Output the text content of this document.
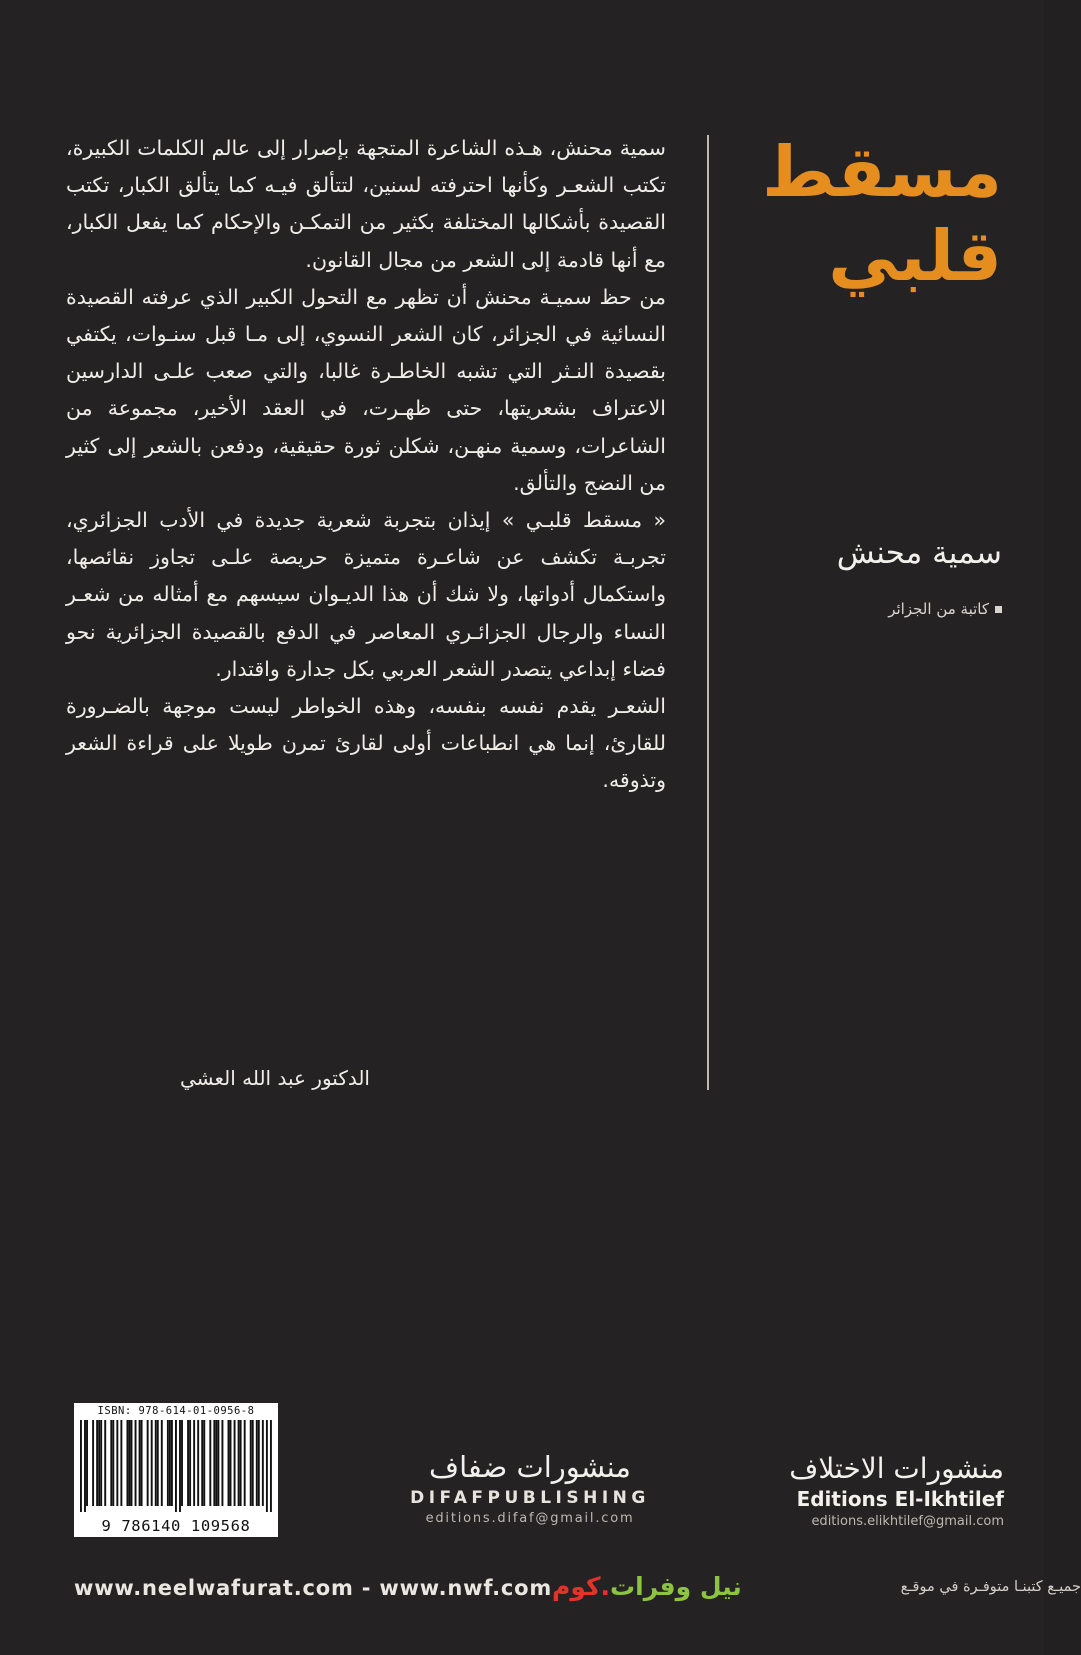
مسقط
قلبي
سمية محنش
كاتبة من الجزائر

سمية محنش، هـذه الشاعرة المتجهة بإصرار إلى عالم الكلمات الكبيرة، تكتب الشعـر وكأنها احترفته لسنين، لتتألق فيـه كما يتألق الكبار، تكتب القصيدة بأشكالها المختلفة بكثير من التمكـن والإحكام كما يفعل الكبار، مع أنها قادمة إلى الشعر من مجال القانون.

من حظ سميـة محنش أن تظهر مع التحول الكبير الذي عرفته القصيدة النسائية في الجزائر، كان الشعر النسوي، إلى مـا قبل سنـوات، يكتفي بقصيدة النـثر التي تشبه الخاطـرة غالبا، والتي صعب علـى الدارسين الاعتراف بشعريتها، حتى ظهـرت، في العقد الأخير، مجموعة من الشاعرات، وسمية منهـن، شكلن ثورة حقيقية، ودفعن بالشعر إلى كثير من النضج والتألق.

« مسقط قلبـي » إيذان بتجربة شعرية جديدة في الأدب الجزائري، تجربـة تكشف عن شاعـرة متميزة حريصة علـى تجاوز نقائصها، واستكمال أدواتها، ولا شك أن هذا الديـوان سيسهم مع أمثاله من شعـر النساء والرجال الجزائـري المعاصر في الدفع بالقصيدة الجزائرية نحو فضاء إبداعي يتصدر الشعر العربي بكل جدارة واقتدار.

الشعـر يقدم نفسه بنفسه، وهذه الخواطر ليست موجهة بالضـرورة للقارئ، إنما هي انطباعات أولى لقارئ تمرن طويلا على قراءة الشعر وتذوقه.

الدكتور عبد الله العشي
ISBN: 978-614-01-0956-8
9 786140 109568
منشورات ضفاف
DIFAFPUBLISHING
editions.difaf@gmail.com
منشورات الاختلاف
Editions El-Ikhtilef
editions.elikhtilef@gmail.com
www.neelwafurat.com - www.nwf.com	نيل وفرات.كوم	جميـع كتبنـا متوفـرة في موقـع
